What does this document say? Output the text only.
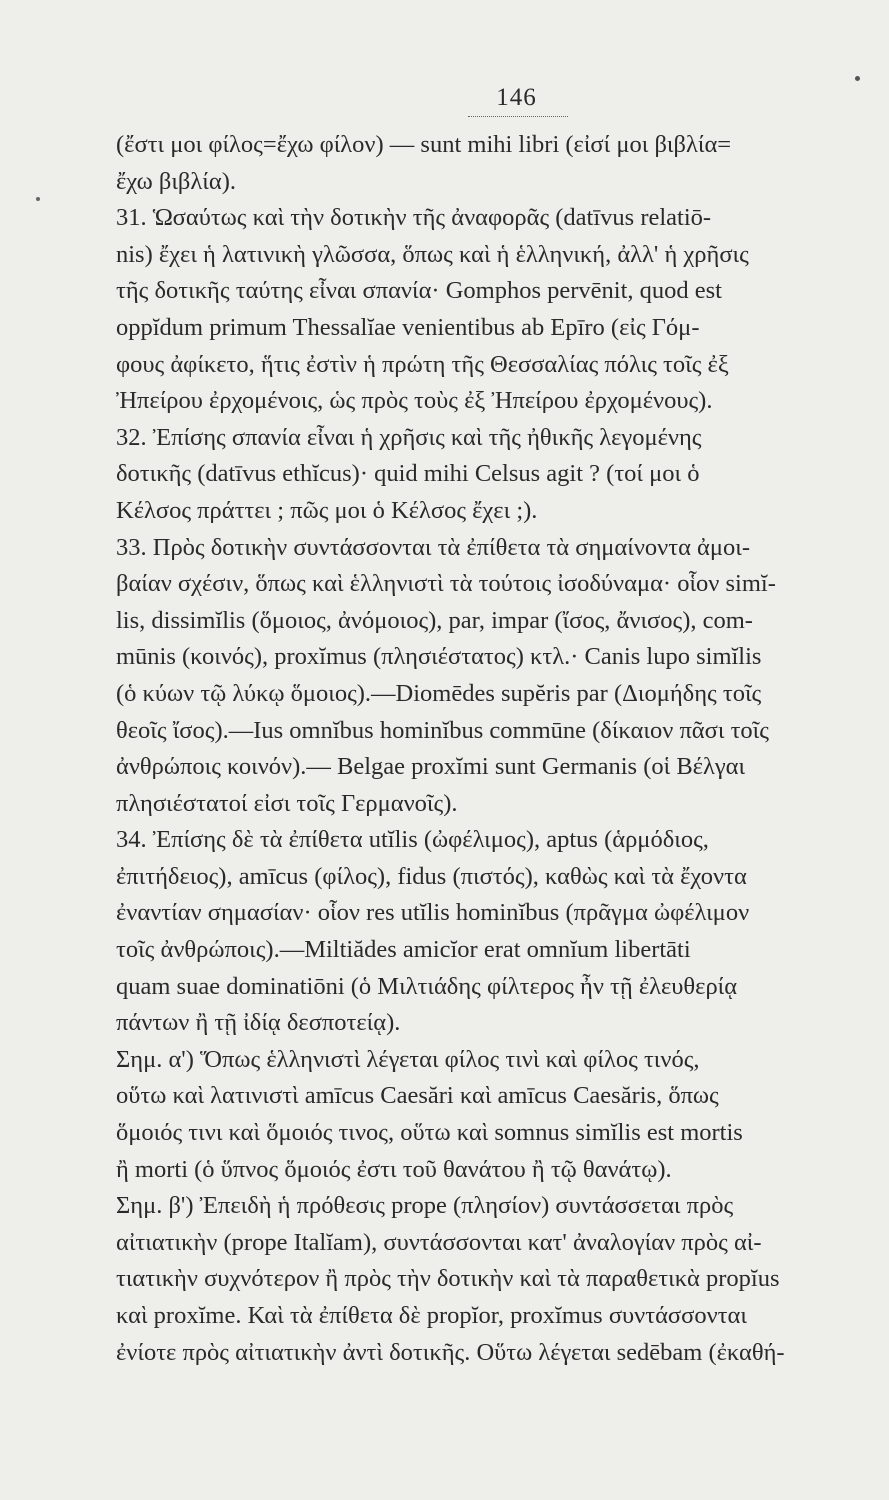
146
(ἔστι μοι φίλος=ἔχω φίλον) — sunt mihi libri (εἰσί μοι βιβλία=
ἔχω βιβλία).
31. Ὡσαύτως καὶ τὴν δοτικὴν τῆς ἀναφορᾶς (datīvus relatiō-
nis) ἔχει ἡ λατινικὴ γλῶσσα, ὅπως καὶ ἡ ἑλληνική, ἀλλ' ἡ χρῆσις
τῆς δοτικῆς ταύτης εἶναι σπανία· Gomphos pervēnit, quod est
oppĭdum primum Thessalĭae venientibus ab Epīro (εἰς Γόμ-
φους ἀφίκετο, ἥτις ἐστὶν ἡ πρώτη τῆς Θεσσαλίας πόλις τοῖς ἐξ
Ἠπείρου ἐρχομένοις, ὡς πρὸς τοὺς ἐξ Ἠπείρου ἐρχομένους).
32. Ἐπίσης σπανία εἶναι ἡ χρῆσις καὶ τῆς ἠθικῆς λεγομένης
δοτικῆς (datīvus ethĭcus)· quid mihi Celsus agit ? (τοί μοι ὁ
Κέλσος πράττει ; πῶς μοι ὁ Κέλσος ἔχει ;).
33. Πρὸς δοτικὴν συντάσσονται τὰ ἐπίθετα τὰ σημαίνοντα ἀμοι-
βαίαν σχέσιν, ὅπως καὶ ἑλληνιστὶ τὰ τούτοις ἰσοδύναμα· οἷον simĭ-
lis, dissimĭlis (ὅμοιος, ἀνόμοιος), par, impar (ἴσος, ἄνισος), com-
mūnis (κοινός), proxĭmus (πλησιέστατος) κτλ.· Canis lupo simĭlis
(ὁ κύων τῷ λύκῳ ὅμοιος).—Diomēdes supĕris par (Διομήδης τοῖς
θεοῖς ἴσος).—Ius omnĭbus hominĭbus commūne (δίκαιον πᾶσι τοῖς
ἀνθρώποις κοινόν).— Belgae proxĭmi sunt Germanis (οἱ Βέλγαι
πλησιέστατοί εἰσι τοῖς Γερμανοῖς).
34. Ἐπίσης δὲ τὰ ἐπίθετα utĭlis (ὠφέλιμος), aptus (ἁρμόδιος,
ἐπιτήδειος), amīcus (φίλος), fidus (πιστός), καθὼς καὶ τὰ ἔχοντα
ἐναντίαν σημασίαν· οἷον res utĭlis hominĭbus (πρᾶγμα ὠφέλιμον
τοῖς ἀνθρώποις).—Miltiădes amicĭor erat omnĭum libertāti
quam suae dominatiōni (ὁ Μιλτιάδης φίλτερος ἦν τῇ ἐλευθερίᾳ
πάντων ἢ τῇ ἰδίᾳ δεσποτείᾳ).
Σημ. α') Ὅπως ἑλληνιστὶ λέγεται φίλος τινὶ καὶ φίλος τινός,
οὕτω καὶ λατινιστὶ amīcus Caesări καὶ amīcus Caesăris, ὅπως
ὅμοιός τινι καὶ ὅμοιός τινος, οὕτω καὶ somnus simĭlis est mortis
ἢ morti (ὁ ὕπνος ὅμοιός ἐστι τοῦ θανάτου ἢ τῷ θανάτῳ).
Σημ. β') Ἐπειδὴ ἡ πρόθεσις prope (πλησίον) συντάσσεται πρὸς
αἰτιατικὴν (prope Italĭam), συντάσσονται κατ' ἀναλογίαν πρὸς αἰ-
τιατικὴν συχνότερον ἢ πρὸς τὴν δοτικὴν καὶ τὰ παραθετικὰ propĭus
καὶ proxĭme. Καὶ τὰ ἐπίθετα δὲ propĭor, proxĭmus συντάσσονται
ἐνίοτε πρὸς αἰτιατικὴν ἀντὶ δοτικῆς. Οὕτω λέγεται sedēbam (ἐκαθή-
